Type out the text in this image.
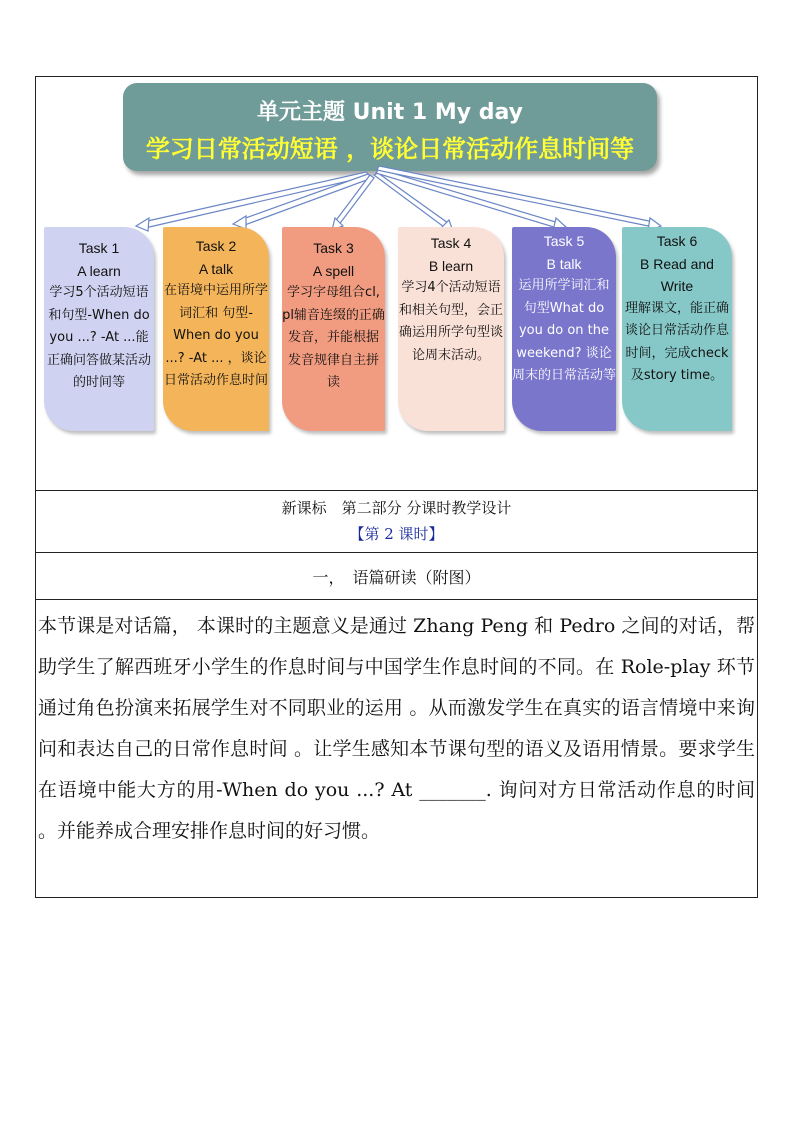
单元主题 Unit 1 My day
学习日常活动短语 ，谈论日常活动作息时间等
Task 1
A learn
学习5个活动短语和句型-When do you ...? -At ...能正确问答做某活动的时间等
Task 2
A talk
在语境中运用所学词汇和 句型-When do you ...? -At ... ，谈论日常活动作息时间
Task 3
A spell
学习字母组合cl, pl辅音连缀的正确发音，并能根据发音规律自主拼读
Task 4
B learn
学习4个活动短语和相关句型，会正确运用所学句型谈论周末活动。
Task 5
B talk
运用所学词汇和 句型What do you do on the weekend? 谈论周末的日常活动等
Task 6
B Read and Write
理解课文，能正确谈论日常活动作息时间，完成check及story time。
新课标　第二部分 分课时教学设计
【第 2 课时】
一，　语篇研读（附图）
本节课是对话篇， 本课时的主题意义是通过 Zhang Peng 和 Pedro 之间的对话，帮助学生了解西班牙小学生的作息时间与中国学生作息时间的不同。在 Role-play 环节通过角色扮演来拓展学生对不同职业的运用 。从而激发学生在真实的语言情境中来询问和表达自己的日常作息时间 。让学生感知本节课句型的语义及语用情景。要求学生在语境中能大方的用-When do you ...? At _______. 询问对方日常活动作息的时间 。并能养成合理安排作息时间的好习惯。
